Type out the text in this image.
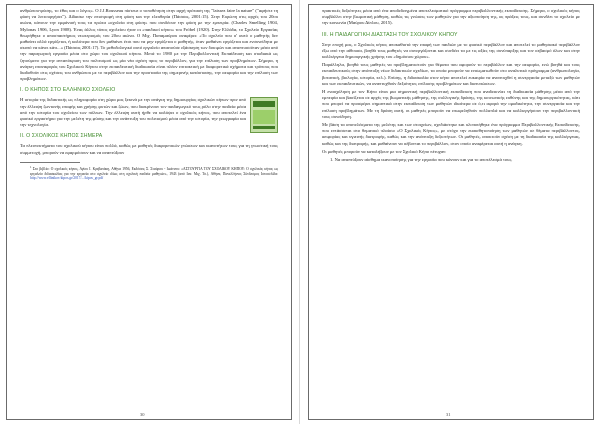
ανθρώπου-φύσης, το έθος και ο λόγος». Ο J.J.Rousseau πίστευε ο τοποθέτηση στην αρχή πρόταση της "laissez faire la nature" ("αφήστε τη φύση να λειτουργήσει"). Δίδασκε την επιστροφή στη φύση και την ελευθερία (Πάσσας, 2001:15). Στην Ευρώπη στις αρχές του 20ου αιώνα, κάνουν την εμφάνισή τους τα πρώτα «σχολεία στη φύση» που συνδέουν την φύση με την εμπειρία. (Charles Smelling 1904, Mylonas 1906, Lyon 1908). Ένας άλλος τύπος σχολείου ήταν οι «παιδικοί κήποι» του Fröbel (1920). Στην Ελλάδα, το Σχολείο Εργασίας θεωρήθηκε ο αποσπαστήριος νεωτερισμός του 20ου αιώνα. Ο Μιχ. Παπαμαύρου αναφέρει: «Το σχολείο που σ' αυτό ο μαθητής δεν μαθαίνει αλλά εργάζεται, ή καλύτερα που δεν μαθαίνει έτσι που να μην εργάζεται ο μαθητής, όταν μαθαίνει εργάζεται και ενσυνείδητα με σκοπό να κάνει κάτι...» (Πάσσας 2001:17). Το μεθοδολογικό αυτό εργαλείο απαιτούσε εξάσκηση των δοκιμών και αναπτυσσόταν μέσα από την παραγωγική εργασία μέσα στο χώρο του σχολικού κήπου. Μετά το 1980 με την Περιβαλλοντική Εκπαίδευση και σταδιακά ως ζητούμενο για την ανταπόκριση του πολιτισμού ως μία νέα σχέση προς το περιβάλλον, για την επίλυση των προβλημάτων. Σήμερα, η ανάγκη επαναφοράς του Σχολικού Κήπου στην εκπαιδευτική διαδικασία είναι πλέον επιτακτική με διαφορετικά σχήματα και τρόπους που διαδοθούν στις σχέσεις του ανθρώπου με το περιβάλλον και την προστασία της σημερινής κατάστασης, την αειφορία και την επίλυση των προβλημάτων.

I. Ο ΚΗΠΟΣ ΣΤΟ ΕΛΛΗΝΙΚΟ ΣΧΟΛΕΙΟ

Η ιστορία της διδακτικής ως πληροφορία στη χώρα μας ξεκινά με την ανάγκη της δημιουργίας σχολικών κήπων πριν από την έλλειψη ζωντανής επαφής και χρήσης φυτών και ζώων, που διακρίνουν τον παιδαγωγικό τους ρόλο στην παιδεία μέσα από την ιστορία του σχολείου των πόλεων. Την έλλειψη αυτή ήρθε να καλύψει ο σχολικός κήπος, που αποτελεί ένα φυσικό εργαστήριο για την μελέτη της φύσης και την ανάπτυξη του πολιτισμού μέσα από την ιστορία, την γεωγραφία και την τεχνολογία.

II. Ο ΣΧΟΛΙΚΟΣ ΚΗΠΟΣ ΣΗΜΕΡΑ

Τα πλεονεκτήματα του σχολικού κήπου είναι πολλά, καθώς με μαθητές διαφορετικών γνώσεων και ικανοτήτων τους για τη γνωστική τους συμμετοχή, μπορούν να εφαρμόσουν και να αναπτύξουν

$^1$ Στο βιβλίο: Ο σχολικός κήπος, Αγίου Ι. Κρεβατάκη, Αθήνα 1956, Εκδόσεις Σ. Σταύρου - Ιωάννου: «ΑΣΤΟΥΡΓΙΑ ΤΟΥ ΣΧΟΛΙΚΟΥ ΚΗΠΟΥ: Ο σχολικός κήπος ως εργαλείο διδασκαλίας για την εργασία στο σχολείο ιδίως στη σχολική παιδεία μαθητών», 1943 (από Ιαν. Μιχ. Τσ.), Αθήνα, Πανελλήνιος Σύνδεσμος Ιστοσελίδα: http://www.ellinikos-kipos.gr/2017/.../kipos_gr.pdf
30

πρακτικές δεξιότητες μέσα από ένα αποδεδειγμένα αποτελεσματικό πρόγραμμα περιβαλλοντικής εκπαίδευσης. Σήμερα, ο σχολικός κήπος συμβάλλει στην βιωματική μάθηση, καθώς τις γνώσεις των μαθητών για την αξιοποίηση της, ας πράξεις τους, και συνδέει το σχολείο με την κοινωνία (Μαύρου Δίπλου, 2015).

III. Η ΠΑΙΔΑΓΩΓΙΚΗ ΔΙΑΣΤΑΣΗ ΤΟΥ ΣΧΟΛΙΚΟΥ ΚΗΠΟΥ

Στην εποχή μας, ο Σχολικός κήπος αποκαθιστά την επαφή των παιδιών με το φυσικό περιβάλλον και αποτελεί το μαθησιακό περιβάλλον έξω από την αίθουσα, βοηθά τους μαθητές να συνεργάζονται και συνδέει τα με τις αξίες της συνύπαρξης και τον σεβασμό όλων και στην καλλιέργεια δημιουργικής χρήσης του «δημόσιου χώρου».

Παράλληλα, βοηθά τους μαθητές να προβληματιστούν για θέματα που αφορούν το περιβάλλον και την αειφορία, ενώ βοηθά και τους εκπαιδευτικούς στην ανάπτυξη νέων διδακτικών σχεδίων, τα οποία μπορούν να ενσωματωθούν στο αναλυτικό πρόγραμμα (ανθρωπολογία, βοτανική, βιολογία, ιστορία, κτλ.). Επίσης, η διδασκαλία στον κήπο αποτελεί ευκαιρία να αναπτυχθεί η συνεργασία μεταξύ των μαθητών και των εκπαιδευτικών, να αναπτυχθούν δεξιότητες επίλυσης προβλημάτων και διατυπώσεων.

Η ενασχόληση με τον Κήπο είναι μια σημαντική περιβαλλοντική εκπαίδευση που αναδεικνύει τη διαδικασία μάθησης μέσα από την εμπειρία και βασίζεται σε αρχές της βιωματικής μάθησης, της συλλογικής δράσης, της κοινωνικής ευθύνης και της δημιουργικότητας, κάτι που μπορεί να προσφέρει σημαντικά στην εκπαίδευση των μαθητών ιδιαίτερα σε ό,τι αφορά την ομαδικότητα, την συνεργασία και την επίλυση προβλημάτων. Με τη δράση αυτή, οι μαθητές μπορούν να επωφεληθούν πολλαπλά και να καλλιεργήσουν την περιβαλλοντική τους συνείδηση.

Με βάση τα αποτελέσματα της μελέτης και των στοιχείων, σχεδιάστηκε και υλοποιήθηκε ένα πρόγραμμα Περιβαλλοντικής Εκπαίδευσης, που εντάσσεται στο θεματικό πλαίσιο «Ο Σχολικός Κήπος», με στόχο την ευαισθητοποίηση των μαθητών σε θέματα περιβάλλοντος, αειφορίας και υγιεινής διατροφής, καθώς και την ανάπτυξη δεξιοτήτων. Οι μαθητές, αποκτούν σχέση με τη διαδικασία της καλλιέργειας, καθώς και της διατροφής, και μαθαίνουν να σέβονται το περιβάλλον, στον οποίο αναφέρεται αυτή η ανάγκη.

Οι μαθητές μπορούν να καταλήξουν με τον Σχολικό Κήπο πέτυχαν:

1. Να αναπτύξουν αίσθημα ικανοποίησης για την εργασία που κάνουν και για το αποτέλεσμά τους.

31
